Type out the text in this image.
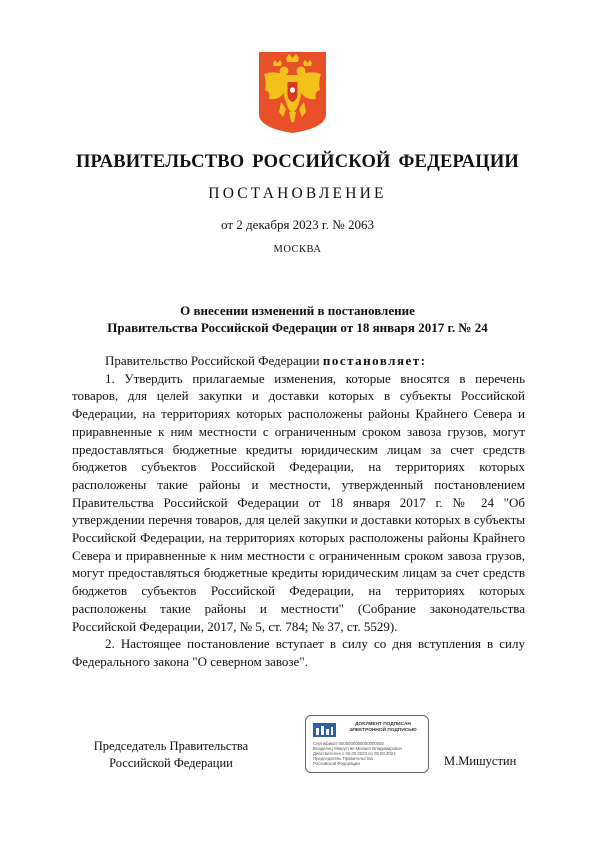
ПРАВИТЕЛЬСТВО РОССИЙСКОЙ ФЕДЕРАЦИИ
ПОСТАНОВЛЕНИЕ
от 2 декабря 2023 г. № 2063
МОСКВА
О внесении изменений в постановление
Правительства Российской Федерации от 18 января 2017 г. № 24

Правительство Российской Федерации постановляет:

1. Утвердить прилагаемые изменения, которые вносятся в перечень товаров, для целей закупки и доставки которых в субъекты Российской Федерации, на территориях которых расположены районы Крайнего Севера и приравненные к ним местности с ограниченным сроком завоза грузов, могут предоставляться бюджетные кредиты юридическим лицам за счет средств бюджетов субъектов Российской Федерации, на территориях которых расположены такие районы и местности, утвержденный постановлением Правительства Российской Федерации от 18 января 2017 г. № 24 "Об утверждении перечня товаров, для целей закупки и доставки которых в субъекты Российской Федерации, на территориях которых расположены районы Крайнего Севера и приравненные к ним местности с ограниченным сроком завоза грузов, могут предоставляться бюджетные кредиты юридическим лицам за счет средств бюджетов субъектов Российской Федерации, на территориях которых расположены такие районы и местности" (Собрание законодательства Российской Федерации, 2017, № 5, ст. 784; № 37, ст. 5529).

2. Настоящее постановление вступает в силу со дня вступления в силу Федерального закона "О северном завозе".

Председатель Правительства
Российской Федерации
ДОКУМЕНТ ПОДПИСАН
ЭЛЕКТРОННОЙ ПОДПИСЬЮ
Сертификат 0000000000000000000
Владелец Мишустин Михаил Владимирович
Действителен с 00.00.2023 по 00.00.2024
Председатель Правительства
Российской Федерации	М.Мишустин
